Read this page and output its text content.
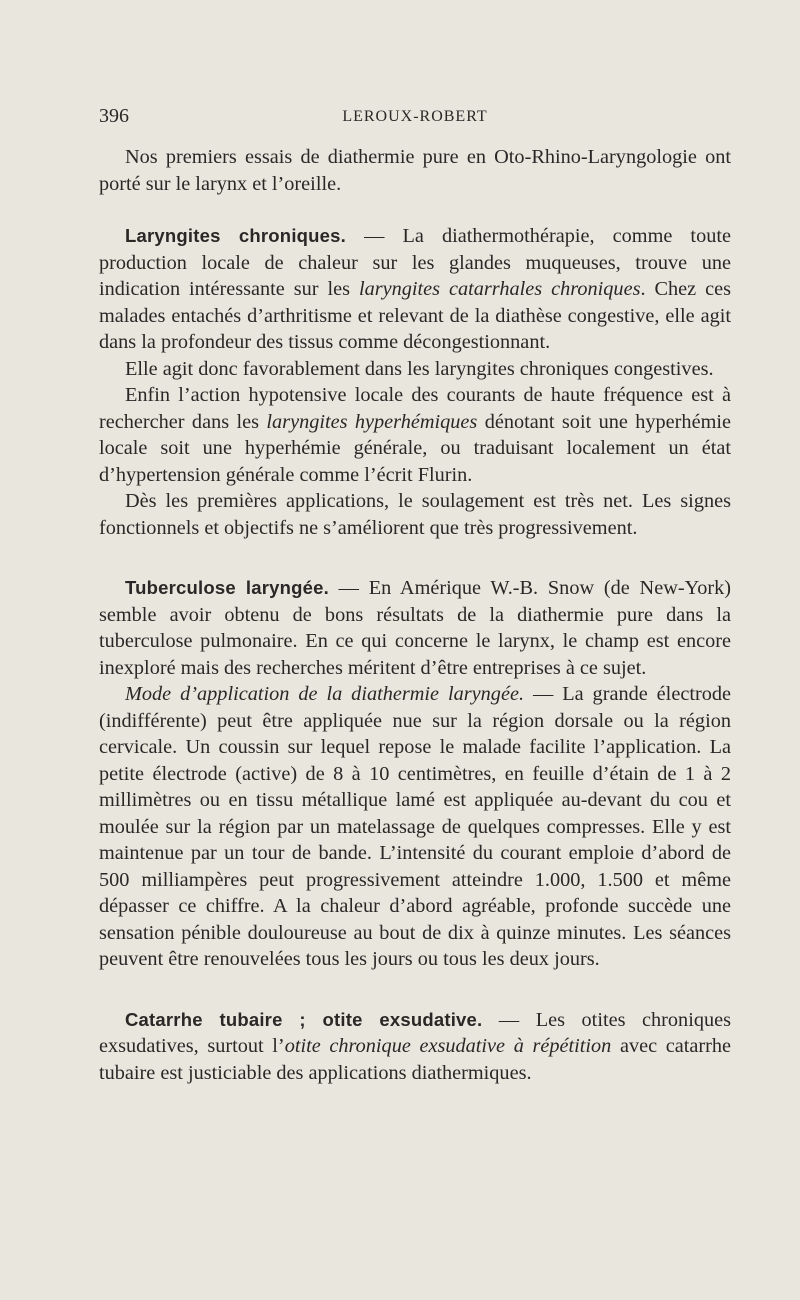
396	LEROUX-ROBERT

Nos premiers essais de diathermie pure en Oto-Rhino-Laryngologie ont porté sur le larynx et l’oreille.

Laryngites chroniques. — La diathermothérapie, comme toute production locale de chaleur sur les glandes muqueuses, trouve une indication intéressante sur les laryngites catarrhales chroniques. Chez ces malades entachés d’arthritisme et relevant de la diathèse congestive, elle agit dans la profondeur des tissus comme décongestionnant.

Elle agit donc favorablement dans les laryngites chroniques congestives.

Enfin l’action hypotensive locale des courants de haute fréquence est à rechercher dans les laryngites hyperhémiques dénotant soit une hyperhémie locale soit une hyperhémie générale, ou traduisant localement un état d’hypertension générale comme l’écrit Flurin.

Dès les premières applications, le soulagement est très net. Les signes fonctionnels et objectifs ne s’améliorent que très progressivement.

Tuberculose laryngée. — En Amérique W.-B. Snow (de New-York) semble avoir obtenu de bons résultats de la diathermie pure dans la tuberculose pulmonaire. En ce qui concerne le larynx, le champ est encore inexploré mais des recherches méritent d’être entreprises à ce sujet.

Mode d’application de la diathermie laryngée. — La grande électrode (indifférente) peut être appliquée nue sur la région dorsale ou la région cervicale. Un coussin sur lequel repose le malade facilite l’application. La petite électrode (active) de 8 à 10 centimètres, en feuille d’étain de 1 à 2 millimètres ou en tissu métallique lamé est appliquée au-devant du cou et moulée sur la région par un matelassage de quelques compresses. Elle y est maintenue par un tour de bande. L’intensité du courant emploie d’abord de 500 milliampères peut progressivement atteindre 1.000, 1.500 et même dépasser ce chiffre. A la chaleur d’abord agréable, profonde succède une sensation pénible douloureuse au bout de dix à quinze minutes. Les séances peuvent être renouvelées tous les jours ou tous les deux jours.

Catarrhe tubaire ; otite exsudative. — Les otites chroniques exsudatives, surtout l’otite chronique exsudative à répétition avec catarrhe tubaire est justiciable des applications diathermiques.
